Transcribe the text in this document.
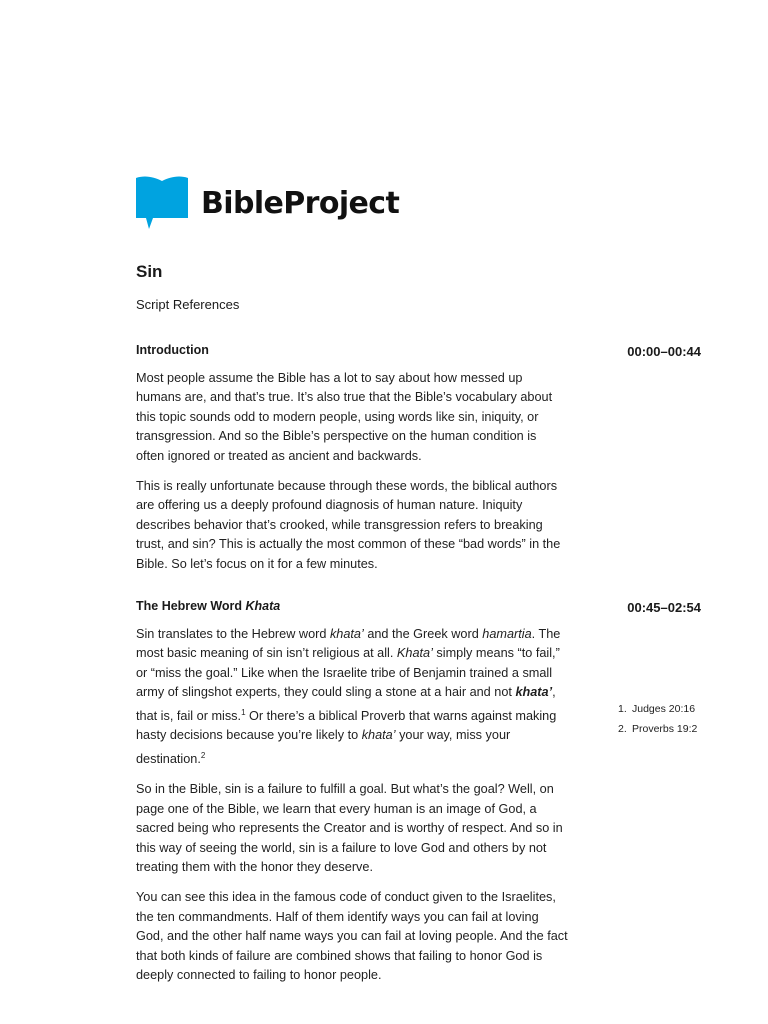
BibleProject
Sin
Script References
Introduction	00:00–00:44

Most people assume the Bible has a lot to say about how messed up humans are, and that’s true. It’s also true that the Bible’s vocabulary about this topic sounds odd to modern people, using words like sin, iniquity, or transgression. And so the Bible’s perspective on the human condition is often ignored or treated as ancient and backwards.

This is really unfortunate because through these words, the biblical authors are offering us a deeply profound diagnosis of human nature. Iniquity describes behavior that’s crooked, while transgression refers to breaking trust, and sin? This is actually the most common of these “bad words” in the Bible. So let’s focus on it for a few minutes.

The Hebrew Word Khata	00:45–02:54

Sin translates to the Hebrew word khata’ and the Greek word hamartia. The most basic meaning of sin isn’t religious at all. Khata’ simply means “to fail,” or “miss the goal.” Like when the Israelite tribe of Benjamin trained a small army of slingshot experts, they could sling a stone at a hair and not khata’, that is, fail or miss.$^1$ Or there’s a biblical Proverb that warns against making hasty decisions because you’re likely to khata’ your way, miss your destination.$^2$

So in the Bible, sin is a failure to fulfill a goal. But what’s the goal? Well, on page one of the Bible, we learn that every human is an image of God, a sacred being who represents the Creator and is worthy of respect. And so in this way of seeing the world, sin is a failure to love God and others by not treating them with the honor they deserve.

You can see this idea in the famous code of conduct given to the Israelites, the ten commandments. Half of them identify ways you can fail at loving God, and the other half name ways you can fail at loving people. And the fact that both kinds of failure are combined shows that failing to honor God is deeply connected to failing to honor people.

1. Judges 20:16
2. Proverbs 19:2
